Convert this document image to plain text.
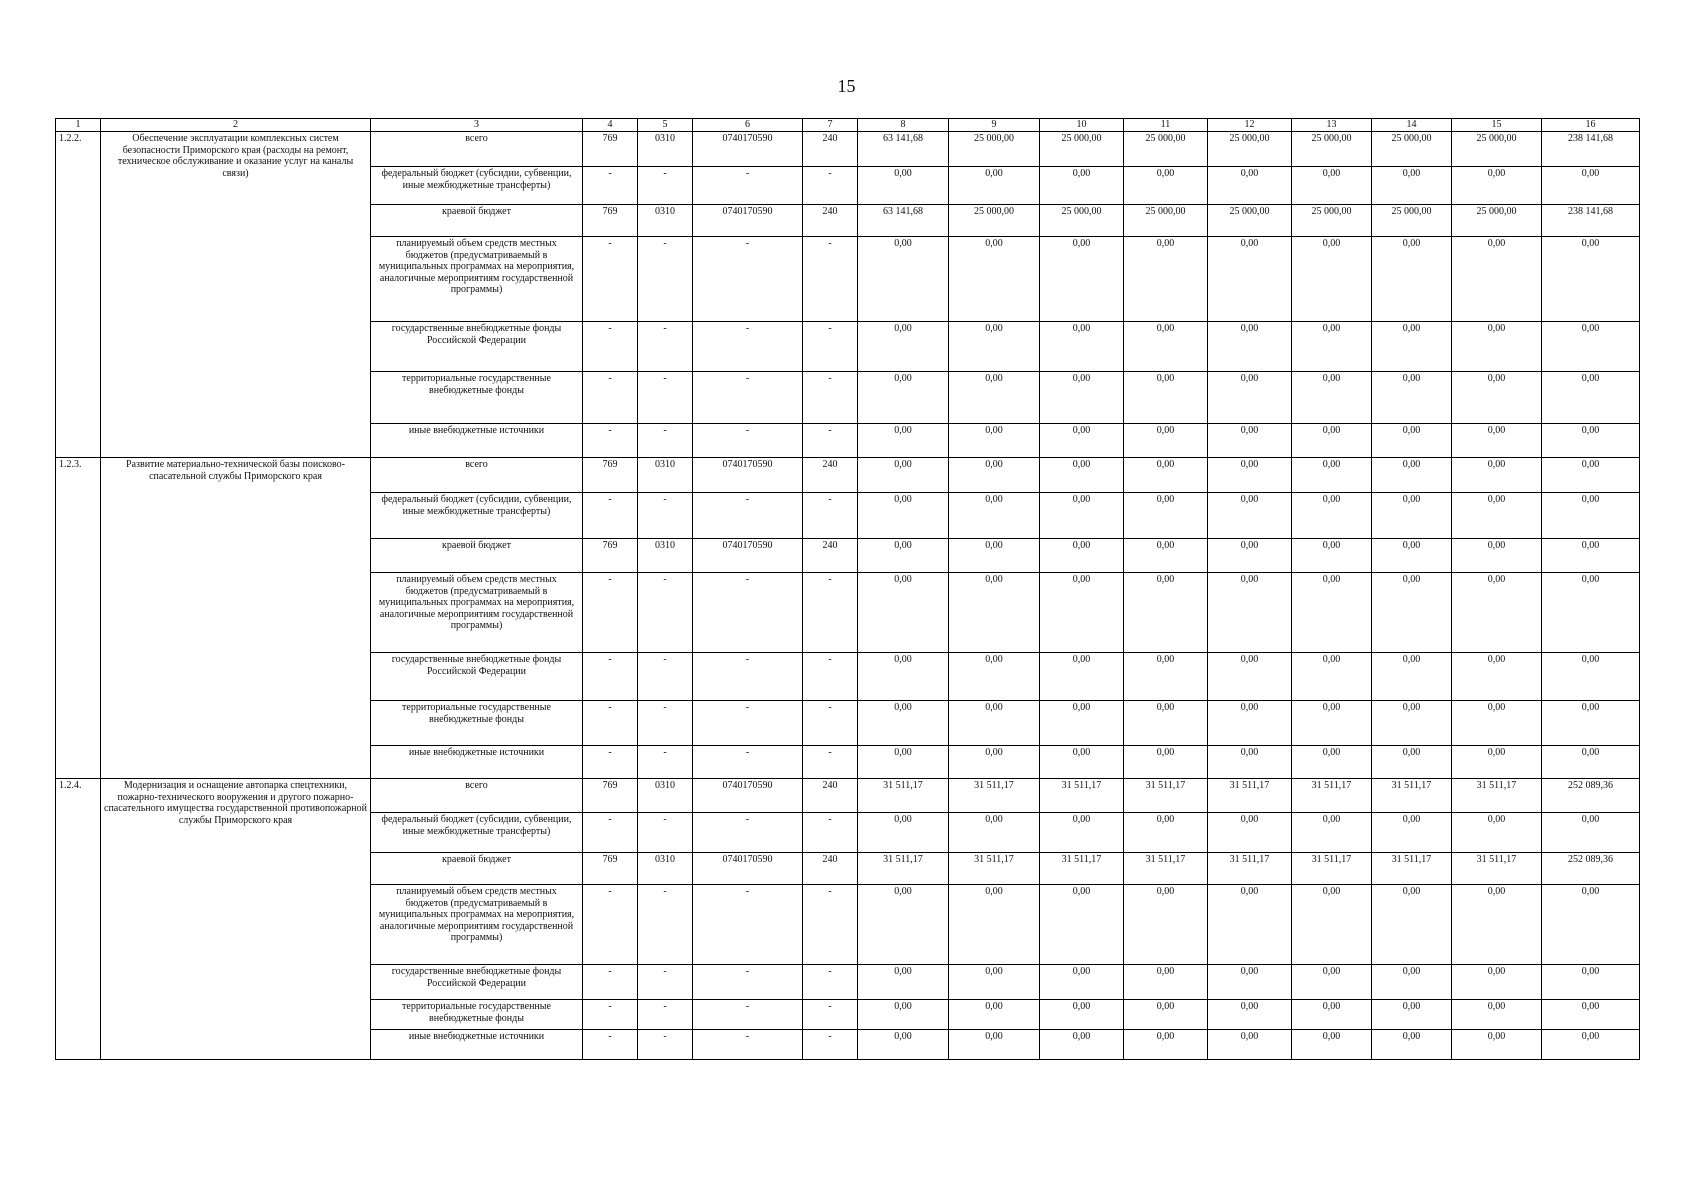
15
1	2	3	4	5	6	7	8	9	10	11	12	13	14	15	16
1.2.2.	Обеспечение эксплуатации комплексных систем безопасности Приморского края (расходы на ремонт, техническое обслуживание и оказание услуг на каналы связи)	всего	769	0310	0740170590	240	63 141,68	25 000,00	25 000,00	25 000,00	25 000,00	25 000,00	25 000,00	25 000,00	238 141,68
		федеральный бюджет (субсидии, субвенции, иные межбюджетные трансферты)	-	-	-	-	0,00	0,00	0,00	0,00	0,00	0,00	0,00	0,00	0,00
		краевой бюджет	769	0310	0740170590	240	63 141,68	25 000,00	25 000,00	25 000,00	25 000,00	25 000,00	25 000,00	25 000,00	238 141,68
		планируемый объем средств местных бюджетов (предусматриваемый в муниципальных программах на мероприятия, аналогичные мероприятиям государственной программы)	-	-	-	-	0,00	0,00	0,00	0,00	0,00	0,00	0,00	0,00	0,00
		государственные внебюджетные фонды Российской Федерации	-	-	-	-	0,00	0,00	0,00	0,00	0,00	0,00	0,00	0,00	0,00
		территориальные государственные внебюджетные фонды	-	-	-	-	0,00	0,00	0,00	0,00	0,00	0,00	0,00	0,00	0,00
		иные внебюджетные источники	-	-	-	-	0,00	0,00	0,00	0,00	0,00	0,00	0,00	0,00	0,00
1.2.3.	Развитие материально-технической базы поисково-спасательной службы Приморского края	всего	769	0310	0740170590	240	0,00	0,00	0,00	0,00	0,00	0,00	0,00	0,00	0,00
		федеральный бюджет (субсидии, субвенции, иные межбюджетные трансферты)	-	-	-	-	0,00	0,00	0,00	0,00	0,00	0,00	0,00	0,00	0,00
		краевой бюджет	769	0310	0740170590	240	0,00	0,00	0,00	0,00	0,00	0,00	0,00	0,00	0,00
		планируемый объем средств местных бюджетов (предусматриваемый в муниципальных программах на мероприятия, аналогичные мероприятиям государственной программы)	-	-	-	-	0,00	0,00	0,00	0,00	0,00	0,00	0,00	0,00	0,00
		государственные внебюджетные фонды Российской Федерации	-	-	-	-	0,00	0,00	0,00	0,00	0,00	0,00	0,00	0,00	0,00
		территориальные государственные внебюджетные фонды	-	-	-	-	0,00	0,00	0,00	0,00	0,00	0,00	0,00	0,00	0,00
		иные внебюджетные источники	-	-	-	-	0,00	0,00	0,00	0,00	0,00	0,00	0,00	0,00	0,00
1.2.4.	Модернизация и оснащение автопарка спецтехники, пожарно-технического вооружения и другого пожарно-спасательного имущества государственной противопожарной службы Приморского края	всего	769	0310	0740170590	240	31 511,17	31 511,17	31 511,17	31 511,17	31 511,17	31 511,17	31 511,17	31 511,17	252 089,36
		федеральный бюджет (субсидии, субвенции, иные межбюджетные трансферты)	-	-	-	-	0,00	0,00	0,00	0,00	0,00	0,00	0,00	0,00	0,00
		краевой бюджет	769	0310	0740170590	240	31 511,17	31 511,17	31 511,17	31 511,17	31 511,17	31 511,17	31 511,17	31 511,17	252 089,36
		планируемый объем средств местных бюджетов (предусматриваемый в муниципальных программах на мероприятия, аналогичные мероприятиям государственной программы)	-	-	-	-	0,00	0,00	0,00	0,00	0,00	0,00	0,00	0,00	0,00
		государственные внебюджетные фонды Российской Федерации	-	-	-	-	0,00	0,00	0,00	0,00	0,00	0,00	0,00	0,00	0,00
		территориальные государственные внебюджетные фонды	-	-	-	-	0,00	0,00	0,00	0,00	0,00	0,00	0,00	0,00	0,00
		иные внебюджетные источники	-	-	-	-	0,00	0,00	0,00	0,00	0,00	0,00	0,00	0,00	0,00
